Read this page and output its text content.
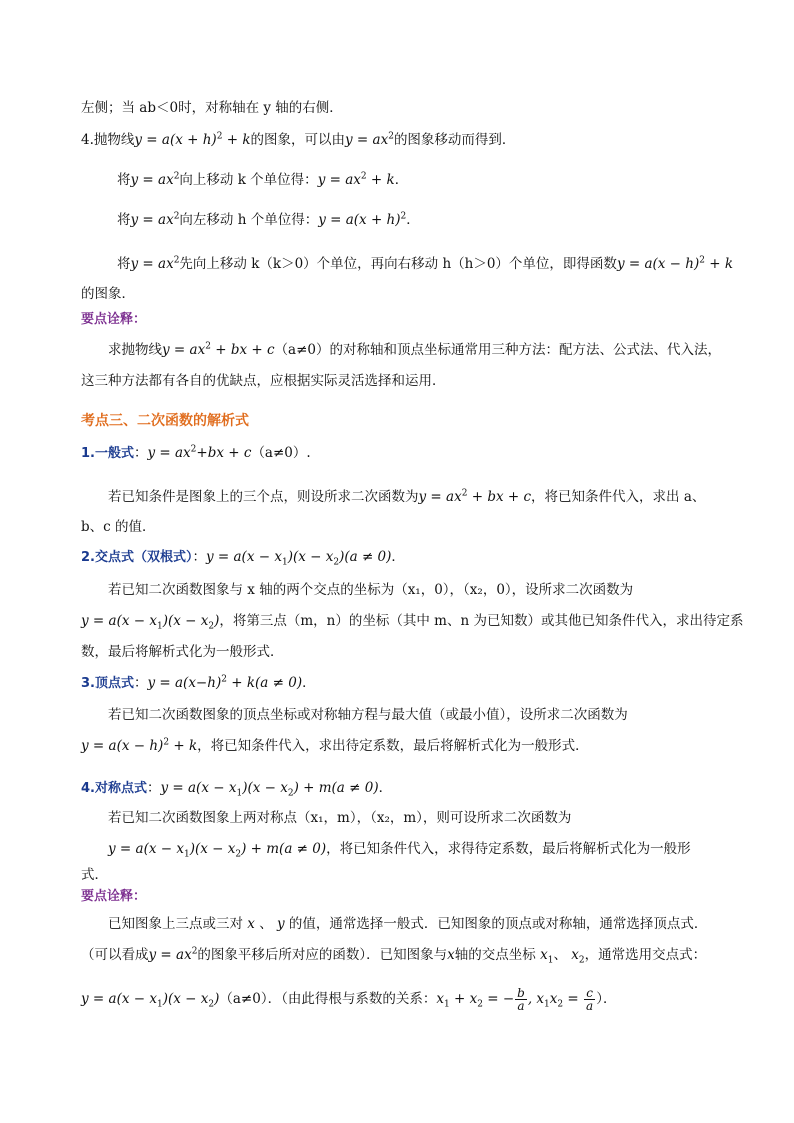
左侧；当 ab＜0时，对称轴在 y 轴的右侧．
4.抛物线$y = a(x + h)^2 + k$的图象，可以由$y = ax^2$的图象移动而得到．
将$y = ax^2$向上移动 k 个单位得：$y = ax^2 + k$．
将$y = ax^2$向左移动 h 个单位得：$y = a(x + h)^2$．
将$y = ax^2$先向上移动 k（k＞0）个单位，再向右移动 h（h＞0）个单位，即得函数$y = a(x - h)^2 + k$
的图象．
要点诠释：
求抛物线$y = ax^2$ + bx + c（a≠0）的对称轴和顶点坐标通常用三种方法：配方法、公式法、代入法，
这三种方法都有各自的优缺点，应根据实际灵活选择和运用．
考点三、二次函数的解析式
1.一般式：$y = ax^2+bx + c(a\ne 0)$.
若已知条件是图象上的三个点，则设所求二次函数为$y = ax^2$ + bx + c，将已知条件代入，求出 a、
b、c 的值．
2.交点式（双根式）：$y = a(x - x_1)(x - x_2)(a \ne 0)$．
若已知二次函数图象与 x 轴的两个交点的坐标为（x₁，0），（x₂，0），设所求二次函数为
$y = a(x - x_1)(x - x_2)$，将第三点（m，n）的坐标（其中 m、n 为已知数）或其他已知条件代入，求出待定系
数，最后将解析式化为一般形式．
3.顶点式：$y = a(x-h)^2 + k(a \ne 0)$．
若已知二次函数图象的顶点坐标或对称轴方程与最大值（或最小值），设所求二次函数为
$y = a(x - h)^2 + k$，将已知条件代入，求出待定系数，最后将解析式化为一般形式．
4.对称点式：$y = a(x - x_1)(x - x_2) + m(a \ne 0)$．
若已知二次函数图象上两对称点（x₁，m），（x₂，m），则可设所求二次函数为
$y = a(x - x_1)(x - x_2) + m(a \ne 0)$，将已知条件代入，求得待定系数，最后将解析式化为一般形
式．
要点诠释：
已知图象上三点或三对 x 、 y 的值，通常选择一般式．已知图象的顶点或对称轴，通常选择顶点式．
（可以看成$y = ax^2$的图象平移后所对应的函数）．已知图象与x轴的交点坐标 $x_1$、 $x_2$，通常选用交点式：
$y = a(x - x_1)(x - x_2)(a\ne 0)$．（由此得根与系数的关系：$x_1 + x_2$ = − $\frac{b}{a}$ , $x_1x_2 = \frac{c}{a}$ ）．
